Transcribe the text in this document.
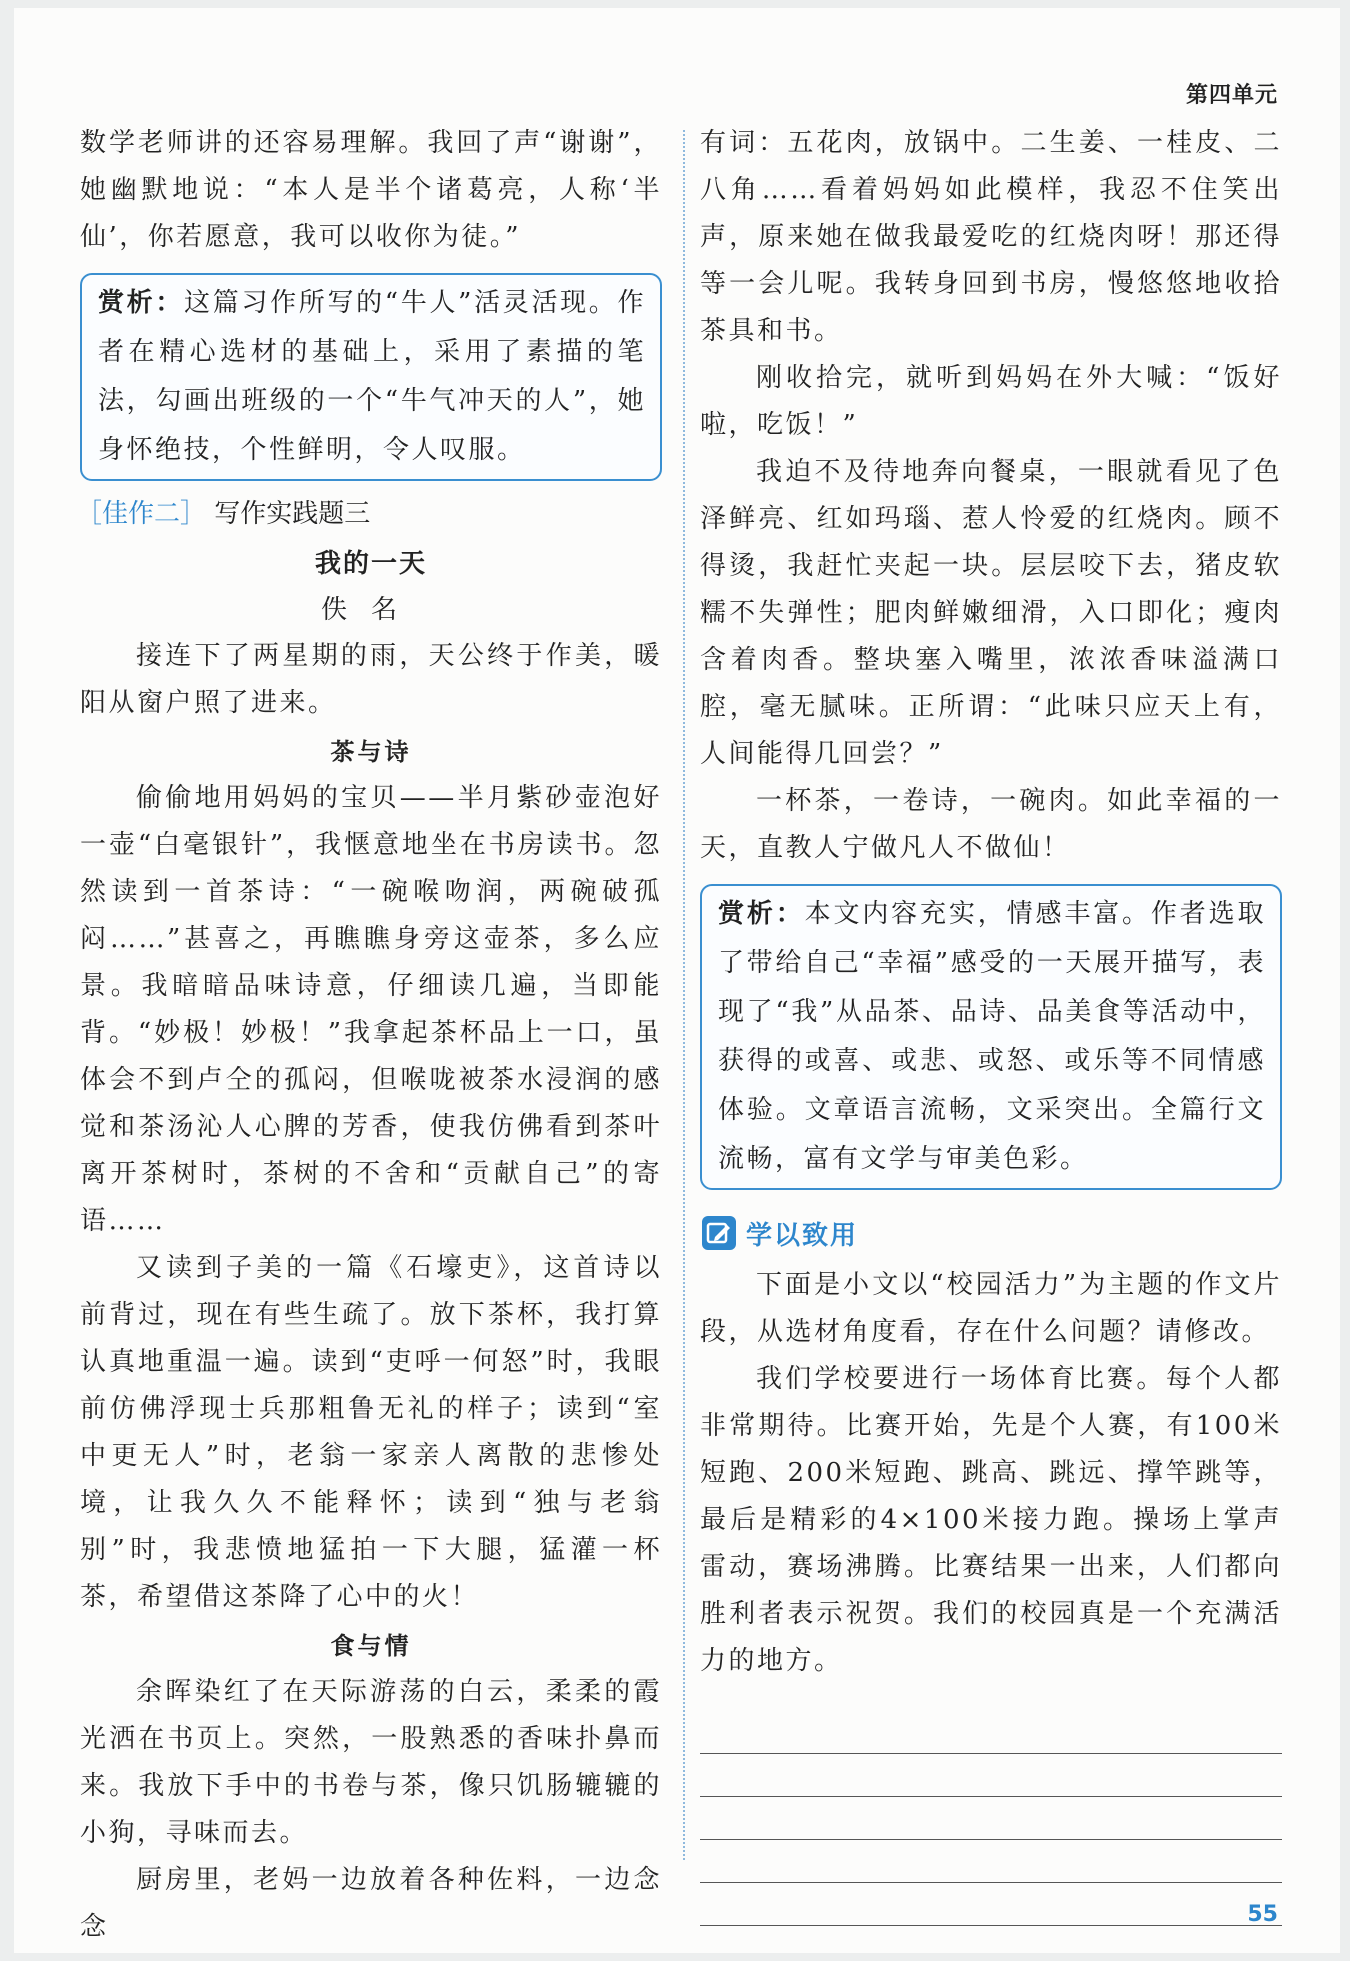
第四单元

数学老师讲的还容易理解。我回了声“谢谢”，她幽默地说：“本人是半个诸葛亮，人称‘半仙’，你若愿意，我可以收你为徒。”

赏析：这篇习作所写的“牛人”活灵活现。作者在精心选材的基础上，采用了素描的笔法，勾画出班级的一个“牛气冲天的人”，她身怀绝技，个性鲜明，令人叹服。

［佳作二］ 写作实践题三
我的一天
佚名

接连下了两星期的雨，天公终于作美，暖阳从窗户照了进来。

茶与诗

偷偷地用妈妈的宝贝——半月紫砂壶泡好一壶“白毫银针”，我惬意地坐在书房读书。忽然读到一首茶诗：“一碗喉吻润，两碗破孤闷……”甚喜之，再瞧瞧身旁这壶茶，多么应景。我暗暗品味诗意，仔细读几遍，当即能背。“妙极！妙极！”我拿起茶杯品上一口，虽体会不到卢仝的孤闷，但喉咙被茶水浸润的感觉和茶汤沁人心脾的芳香，使我仿佛看到茶叶离开茶树时，茶树的不舍和“贡献自己”的寄语……

又读到子美的一篇《石壕吏》，这首诗以前背过，现在有些生疏了。放下茶杯，我打算认真地重温一遍。读到“吏呼一何怒”时，我眼前仿佛浮现士兵那粗鲁无礼的样子；读到“室中更无人”时，老翁一家亲人离散的悲惨处境，让我久久不能释怀；读到“独与老翁别”时，我悲愤地猛拍一下大腿，猛灌一杯茶，希望借这茶降了心中的火！

食与情

余晖染红了在天际游荡的白云，柔柔的霞光洒在书页上。突然，一股熟悉的香味扑鼻而来。我放下手中的书卷与茶，像只饥肠辘辘的小狗，寻味而去。

厨房里，老妈一边放着各种佐料，一边念念

有词：五花肉，放锅中。二生姜、一桂皮、二八角……看着妈妈如此模样，我忍不住笑出声，原来她在做我最爱吃的红烧肉呀！那还得等一会儿呢。我转身回到书房，慢悠悠地收拾茶具和书。

刚收拾完，就听到妈妈在外大喊：“饭好啦，吃饭！”

我迫不及待地奔向餐桌，一眼就看见了色泽鲜亮、红如玛瑙、惹人怜爱的红烧肉。顾不得烫，我赶忙夹起一块。层层咬下去，猪皮软糯不失弹性；肥肉鲜嫩细滑，入口即化；瘦肉含着肉香。整块塞入嘴里，浓浓香味溢满口腔，毫无腻味。正所谓：“此味只应天上有，人间能得几回尝？”

一杯茶，一卷诗，一碗肉。如此幸福的一天，直教人宁做凡人不做仙！

赏析：本文内容充实，情感丰富。作者选取了带给自己“幸福”感受的一天展开描写，表现了“我”从品茶、品诗、品美食等活动中，获得的或喜、或悲、或怒、或乐等不同情感体验。文章语言流畅，文采突出。全篇行文流畅，富有文学与审美色彩。

学以致用

下面是小文以“校园活力”为主题的作文片段，从选材角度看，存在什么问题？请修改。

我们学校要进行一场体育比赛。每个人都非常期待。比赛开始，先是个人赛，有100米短跑、200米短跑、跳高、跳远、撑竿跳等，最后是精彩的4×100米接力跑。操场上掌声雷动，赛场沸腾。比赛结果一出来，人们都向胜利者表示祝贺。我们的校园真是一个充满活力的地方。

55
